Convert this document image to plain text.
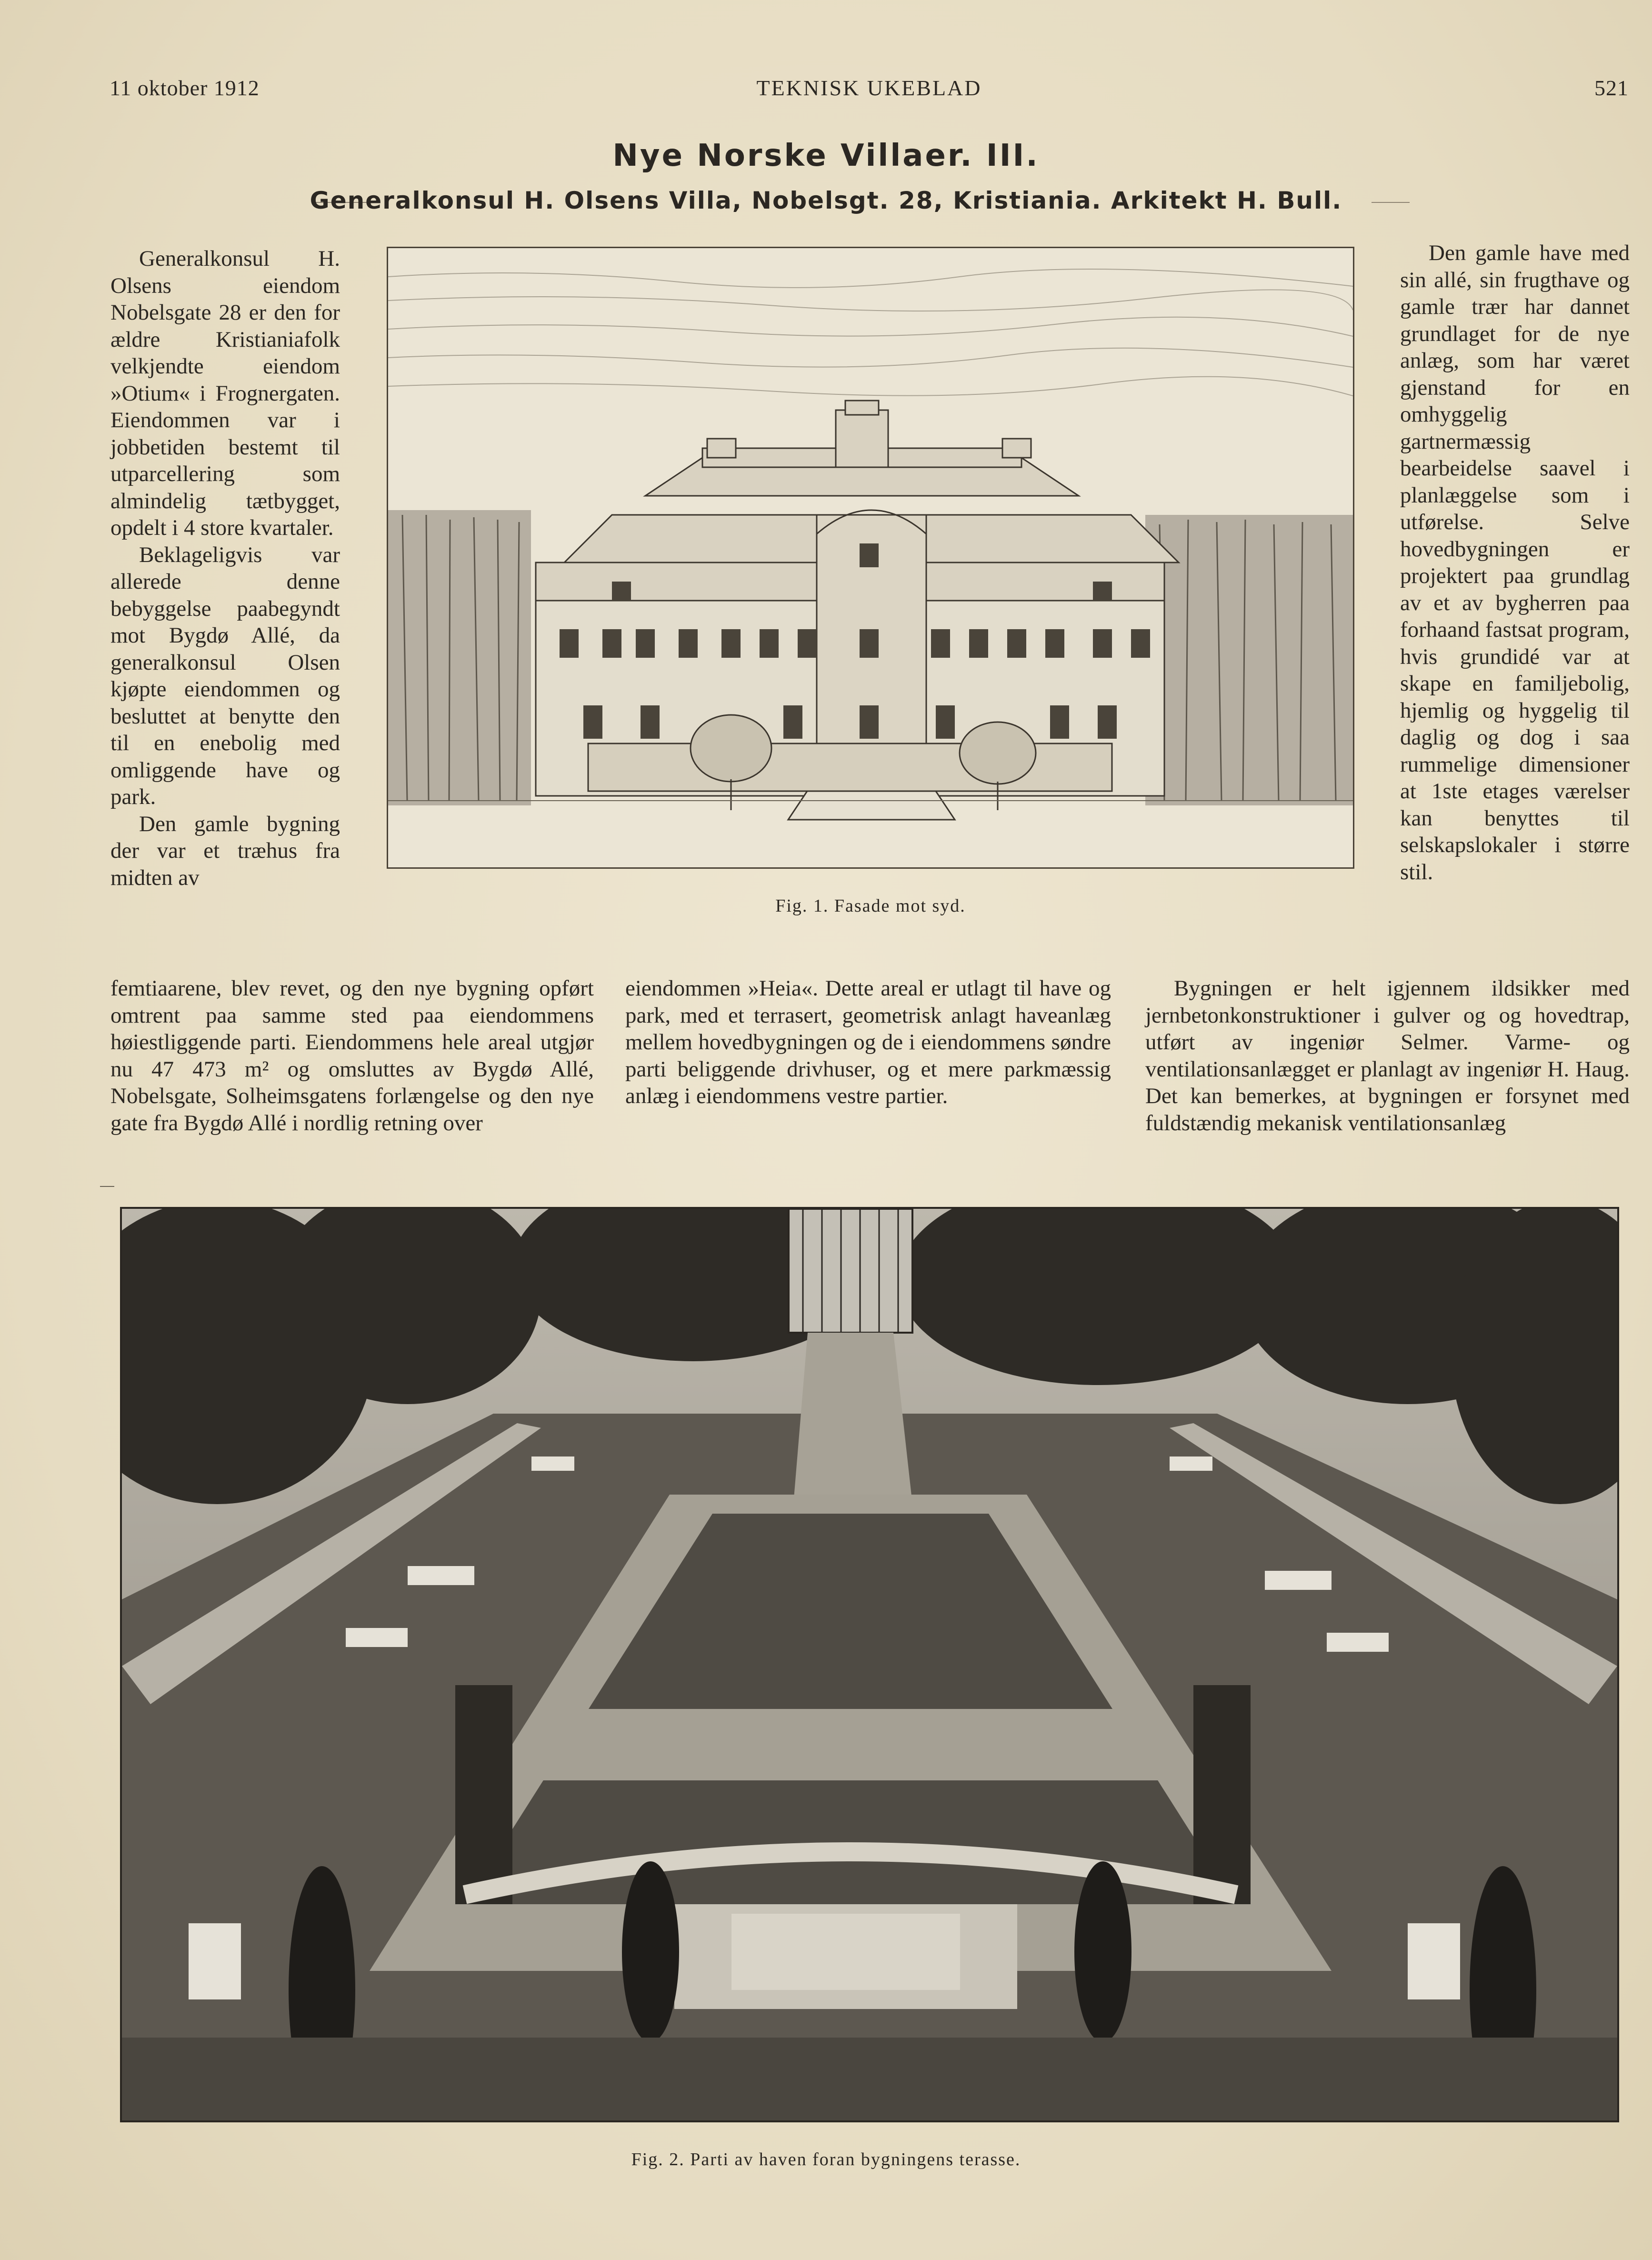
11 oktober 1912	TEKNISK UKEBLAD	521
Nye Norske Villaer. III.
Generalkonsul H. Olsens Villa, Nobelsgt. 28, Kristiania. Arkitekt H. Bull.

Generalkonsul H. Olsens eiendom Nobelsgate 28 er den for ældre Kristianiafolk velkjendte eiendom »Otium« i Frognergaten. Eiendommen var i jobbetiden bestemt til utparcellering som almindelig tætbygget, opdelt i 4 store kvartaler.

Beklageligvis var allerede denne bebyggelse paabegyndt mot Bygdø Allé, da generalkonsul Olsen kjøpte eiendommen og besluttet at benytte den til en enebolig med omliggende have og park.

Den gamle bygning der var et træhus fra midten av

Fig. 1. Fasade mot syd.

Den gamle have med sin allé, sin frugthave og gamle trær har dannet grundlaget for de nye anlæg, som har været gjenstand for en omhyggelig gartnermæssig bearbeidelse saavel i planlæggelse som i utførelse. Selve hovedbygningen er projektert paa grundlag av et av bygherren paa forhaand fastsat program, hvis grundidé var at skape en familjebolig, hjemlig og hyggelig til daglig og dog i saa rummelige dimensioner at 1ste etages værelser kan benyttes til selskapslokaler i større stil.

femtiaarene, blev revet, og den nye bygning opført omtrent paa samme sted paa eiendommens høiestliggende parti. Eiendommens hele areal utgjør nu 47 473 m² og omsluttes av Bygdø Allé, Nobelsgate, Solheimsgatens forlængelse og den nye gate fra Bygdø Allé i nordlig retning over

eiendommen »Heia«. Dette areal er utlagt til have og park, med et terrasert, geometrisk anlagt haveanlæg mellem hovedbygningen og de i eiendommens søndre parti beliggende drivhuser, og et mere parkmæssig anlæg i eiendommens vestre partier.

Bygningen er helt igjennem ildsikker med jernbetonkonstruktioner i gulver og og hovedtrap, utført av ingeniør Selmer. Varme- og ventilationsanlægget er planlagt av ingeniør H. Haug. Det kan bemerkes, at bygningen er forsynet med fuldstændig mekanisk ventilationsanlæg

Fig. 2. Parti av haven foran bygningens terasse.
